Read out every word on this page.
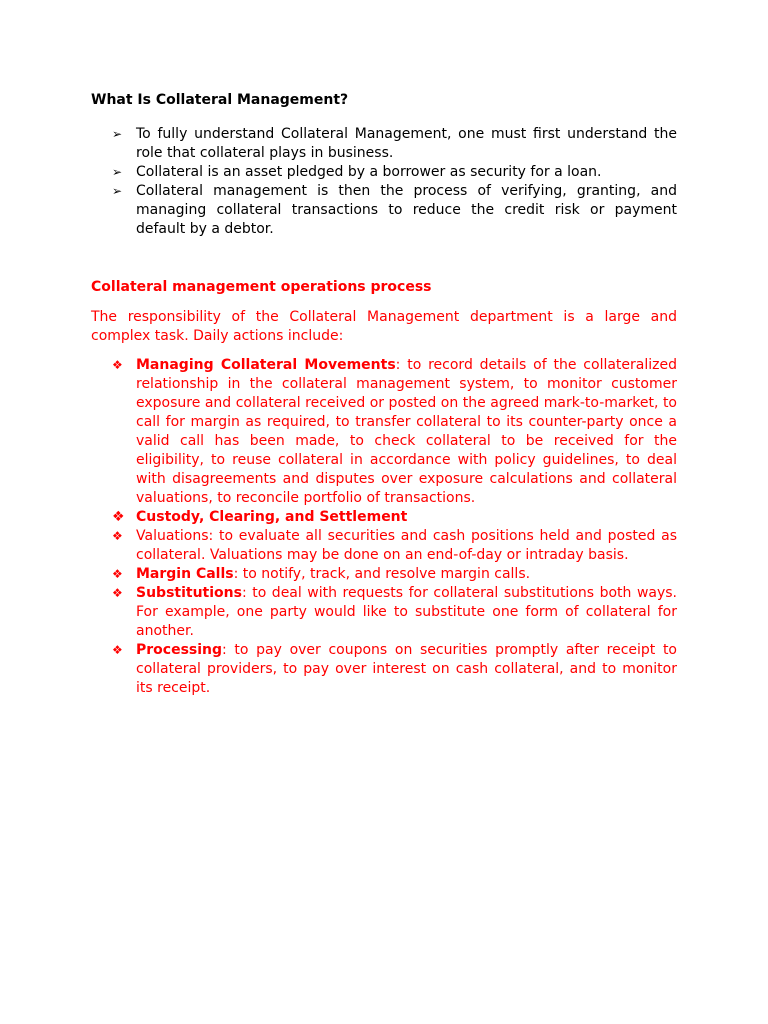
What Is Collateral Management?
➢ To fully understand Collateral Management, one must first understand the role that collateral plays in business.
➢ Collateral is an asset pledged by a borrower as security for a loan.
➢ Collateral management is then the process of verifying, granting, and managing collateral transactions to reduce the credit risk or payment default by a debtor.
Collateral management operations process

The responsibility of the Collateral Management department is a large and complex task. Daily actions include:

❖ Managing Collateral Movements: to record details of the collateralized relationship in the collateral management system, to monitor customer exposure and collateral received or posted on the agreed mark-to-market, to call for margin as required, to transfer collateral to its counter-party once a valid call has been made, to check collateral to be received for the eligibility, to reuse collateral in accordance with policy guidelines, to deal with disagreements and disputes over exposure calculations and collateral valuations, to reconcile portfolio of transactions.
❖ Custody, Clearing, and Settlement
❖ Valuations: to evaluate all securities and cash positions held and posted as collateral. Valuations may be done on an end-of-day or intraday basis.
❖ Margin Calls: to notify, track, and resolve margin calls.
❖ Substitutions: to deal with requests for collateral substitutions both ways. For example, one party would like to substitute one form of collateral for another.
❖ Processing: to pay over coupons on securities promptly after receipt to collateral providers, to pay over interest on cash collateral, and to monitor its receipt.
